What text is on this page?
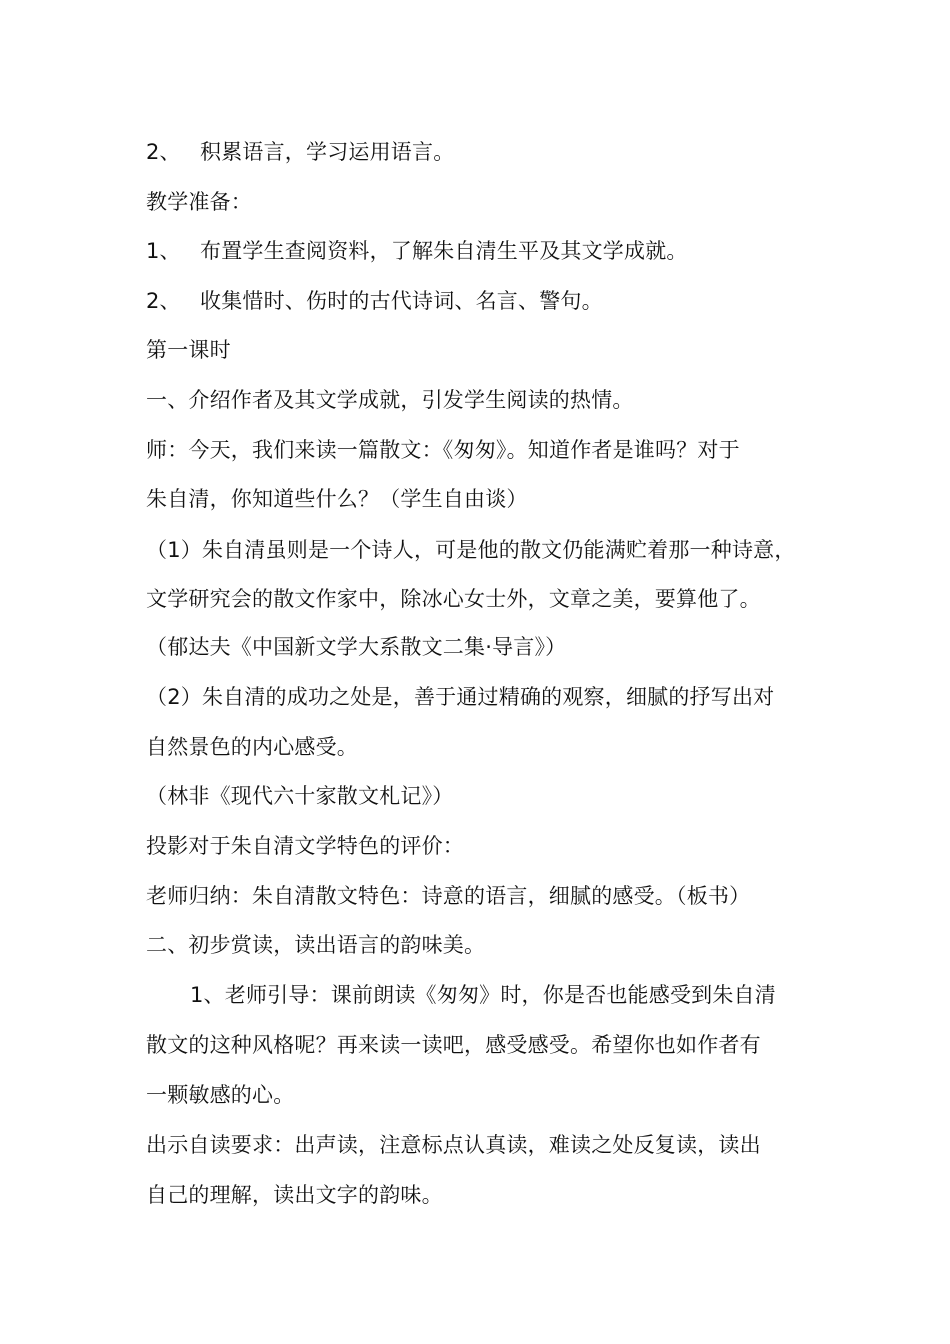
2、 积累语言，学习运用语言。
教学准备：
1、 布置学生查阅资料，了解朱自清生平及其文学成就。
2、 收集惜时、伤时的古代诗词、名言、警句。
第一课时
一、介绍作者及其文学成就，引发学生阅读的热情。
师：今天，我们来读一篇散文：《匆匆》。知道作者是谁吗？对于
朱自清，你知道些什么？（学生自由谈）
（1）朱自清虽则是一个诗人，可是他的散文仍能满贮着那一种诗意，
文学研究会的散文作家中，除冰心女士外，文章之美，要算他了。
（郁达夫《中国新文学大系散文二集·导言》）
（2）朱自清的成功之处是，善于通过精确的观察，细腻的抒写出对
自然景色的内心感受。
（林非《现代六十家散文札记》）
投影对于朱自清文学特色的评价：
老师归纳：朱自清散文特色：诗意的语言，细腻的感受。（板书）
二、初步赏读，读出语言的韵味美。
1、老师引导：课前朗读《匆匆》时，你是否也能感受到朱自清
散文的这种风格呢？再来读一读吧，感受感受。希望你也如作者有
一颗敏感的心。
出示自读要求：出声读，注意标点认真读，难读之处反复读，读出
自己的理解，读出文字的韵味。
